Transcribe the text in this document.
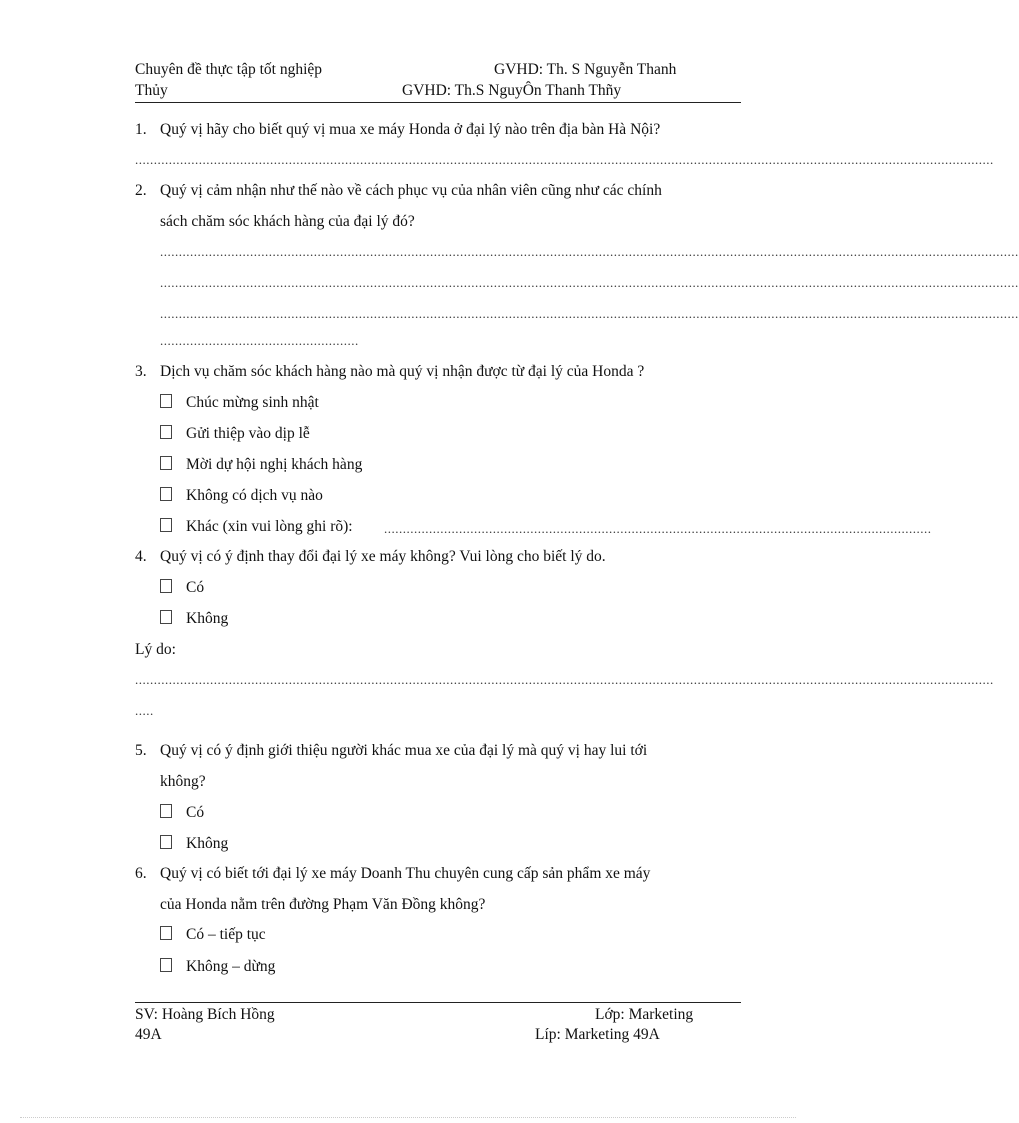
Chuyên đề thực tập tốt nghiệp	GVHD: Th. S Nguyễn Thanh
Thủy	GVHD: Th.S NguyÔn Thanh Thñy
1. Quý vị hãy cho biết quý vị mua xe máy Honda ở đại lý nào trên địa bàn Hà Nội?
.....................................................................................................................................................................................................................................
2. Quý vị cảm nhận như thế nào về cách phục vụ của nhân viên cũng như các chính
sách chăm sóc khách hàng của đại lý đó?
.....................................................................................................................................................................................................................................
.....................................................................................................................................................................................................................................
.....................................................................................................................................................................................................................................
.....................................................
3. Dịch vụ chăm sóc khách hàng nào mà quý vị nhận được từ đại lý của Honda ?
Chúc mừng sinh nhật
Gửi thiệp vào dịp lễ
Mời dự hội nghị khách hàng
Không có dịch vụ nào
Khác (xin vui lòng ghi rõ): ..................................................................................................................................................
4. Quý vị có ý định thay đổi đại lý xe máy không? Vui lòng cho biết lý do.
Có
Không
Lý do:
.....................................................................................................................................................................................................................................
.....
5. Quý vị có ý định giới thiệu người khác mua xe của đại lý mà quý vị hay lui tới
không?
Có
Không
6. Quý vị có biết tới đại lý xe máy Doanh Thu chuyên cung cấp sản phẩm xe máy
của Honda nằm trên đường Phạm Văn Đồng không?
Có – tiếp tục
Không – dừng
SV: Hoàng Bích Hồng	Lớp: Marketing
49A	Líp: Marketing 49A
